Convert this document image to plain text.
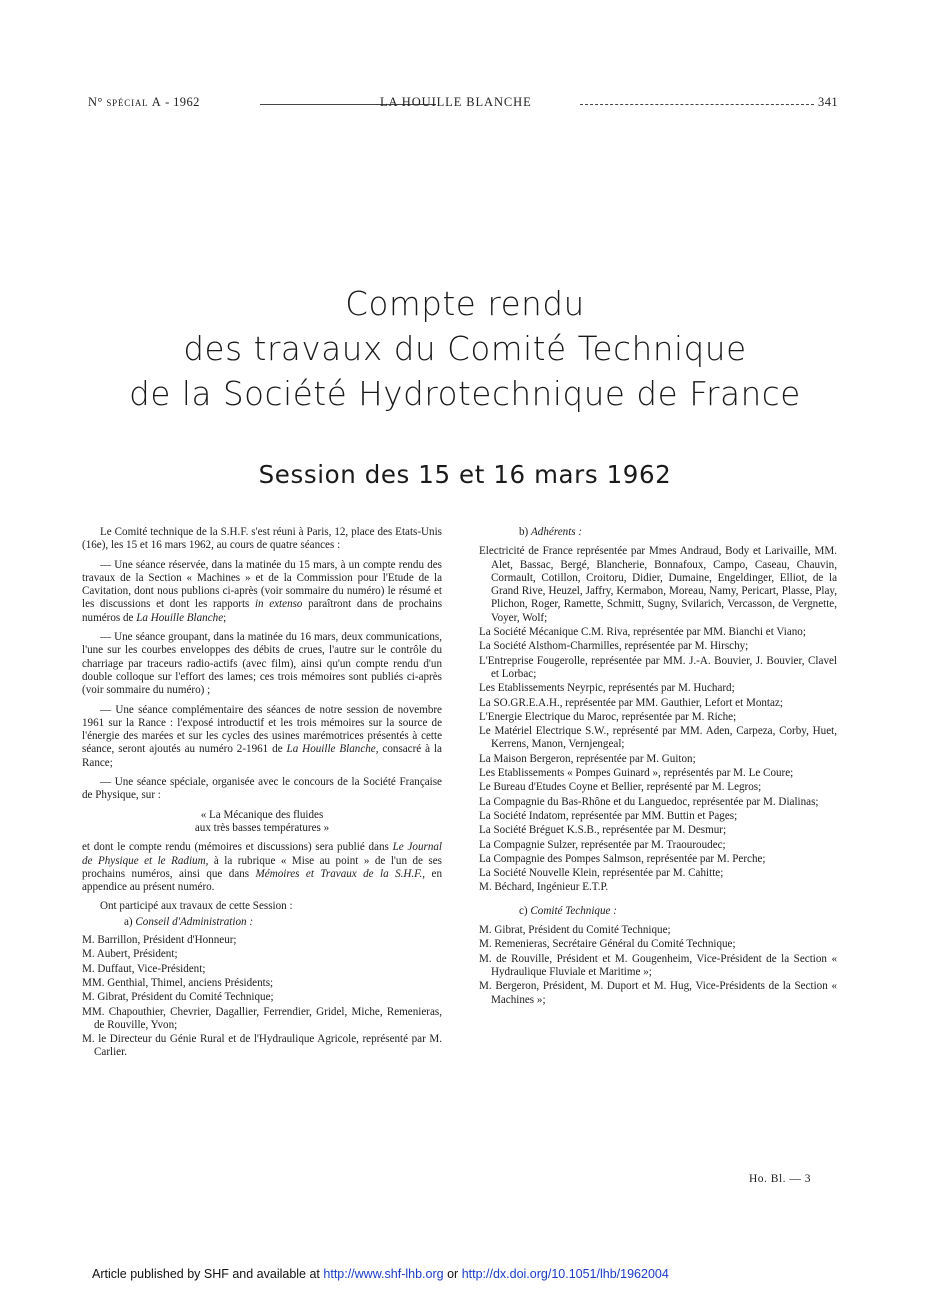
N° spécial A - 1962	LA HOUILLE BLANCHE	341
Compte rendu
des travaux du Comité Technique
de la Société Hydrotechnique de France
Session des 15 et 16 mars 1962

Le Comité technique de la S.H.F. s'est réuni à Paris, 12, place des Etats-Unis (16e), les 15 et 16 mars 1962, au cours de quatre séances :

— Une séance réservée, dans la matinée du 15 mars, à un compte rendu des travaux de la Section « Machines » et de la Commission pour l'Etude de la Cavitation, dont nous publions ci-après (voir sommaire du numéro) le résumé et les discussions et dont les rapports in extenso paraîtront dans de prochains numéros de La Houille Blanche;

— Une séance groupant, dans la matinée du 16 mars, deux communications, l'une sur les courbes enveloppes des débits de crues, l'autre sur le contrôle du charriage par traceurs radio-actifs (avec film), ainsi qu'un compte rendu d'un double colloque sur l'effort des lames; ces trois mémoires sont publiés ci-après (voir sommaire du numéro) ;

— Une séance complémentaire des séances de notre session de novembre 1961 sur la Rance : l'exposé introductif et les trois mémoires sur la source de l'énergie des marées et sur les cycles des usines marémotrices présentés à cette séance, seront ajoutés au numéro 2-1961 de La Houille Blanche, consacré à la Rance;

— Une séance spéciale, organisée avec le concours de la Société Française de Physique, sur :

« La Mécanique des fluides
aux très basses températures »

et dont le compte rendu (mémoires et discussions) sera publié dans Le Journal de Physique et le Radium, à la rubrique « Mise au point » de l'un de ses prochains numéros, ainsi que dans Mémoires et Travaux de la S.H.F., en appendice au présent numéro.

Ont participé aux travaux de cette Session :

a) Conseil d'Administration :

M. Barrillon, Président d'Honneur;
M. Aubert, Président;
M. Duffaut, Vice-Président;
MM. Genthial, Thimel, anciens Présidents;
M. Gibrat, Président du Comité Technique;
MM. Chapouthier, Chevrier, Dagallier, Ferrendier, Gridel, Miche, Remenieras, de Rouville, Yvon;
M. le Directeur du Génie Rural et de l'Hydraulique Agricole, représenté par M. Carlier.

b) Adhérents :

Electricité de France représentée par Mmes Andraud, Body et Larivaille, MM. Alet, Bassac, Bergé, Blancherie, Bonnafoux, Campo, Caseau, Chauvin, Cormault, Cotillon, Croitoru, Didier, Dumaine, Engeldinger, Elliot, de la Grand Rive, Heuzel, Jaffry, Kermabon, Moreau, Namy, Pericart, Plasse, Play, Plichon, Roger, Ramette, Schmitt, Sugny, Svilarich, Vercasson, de Vergnette, Voyer, Wolf;
La Société Mécanique C.M. Riva, représentée par MM. Bianchi et Viano;
La Société Alsthom-Charmilles, représentée par M. Hirschy;
L'Entreprise Fougerolle, représentée par MM. J.-A. Bouvier, J. Bouvier, Clavel et Lorbac;
Les Etablissements Neyrpic, représentés par M. Huchard;
La SO.GR.E.A.H., représentée par MM. Gauthier, Lefort et Montaz;
L'Energie Electrique du Maroc, représentée par M. Riche;
Le Matériel Electrique S.W., représenté par MM. Aden, Carpeza, Corby, Huet, Kerrens, Manon, Vernjengeal;
La Maison Bergeron, représentée par M. Guiton;
Les Etablissements « Pompes Guinard », représentés par M. Le Coure;
Le Bureau d'Etudes Coyne et Bellier, représenté par M. Legros;
La Compagnie du Bas-Rhône et du Languedoc, représentée par M. Dialinas;
La Société Indatom, représentée par MM. Buttin et Pages;
La Société Bréguet K.S.B., représentée par M. Desmur;
La Compagnie Sulzer, représentée par M. Traouroudec;
La Compagnie des Pompes Salmson, représentée par M. Perche;
La Société Nouvelle Klein, représentée par M. Cahitte;
M. Béchard, Ingénieur E.T.P.

c) Comité Technique :

M. Gibrat, Président du Comité Technique;
M. Remenieras, Secrétaire Général du Comité Technique;
M. de Rouville, Président et M. Gougenheim, Vice-Président de la Section « Hydraulique Fluviale et Maritime »;
M. Bergeron, Président, M. Duport et M. Hug, Vice-Présidents de la Section « Machines »;
Ho. Bl. — 3
Article published by SHF and available at http://www.shf-lhb.org or http://dx.doi.org/10.1051/lhb/1962004
